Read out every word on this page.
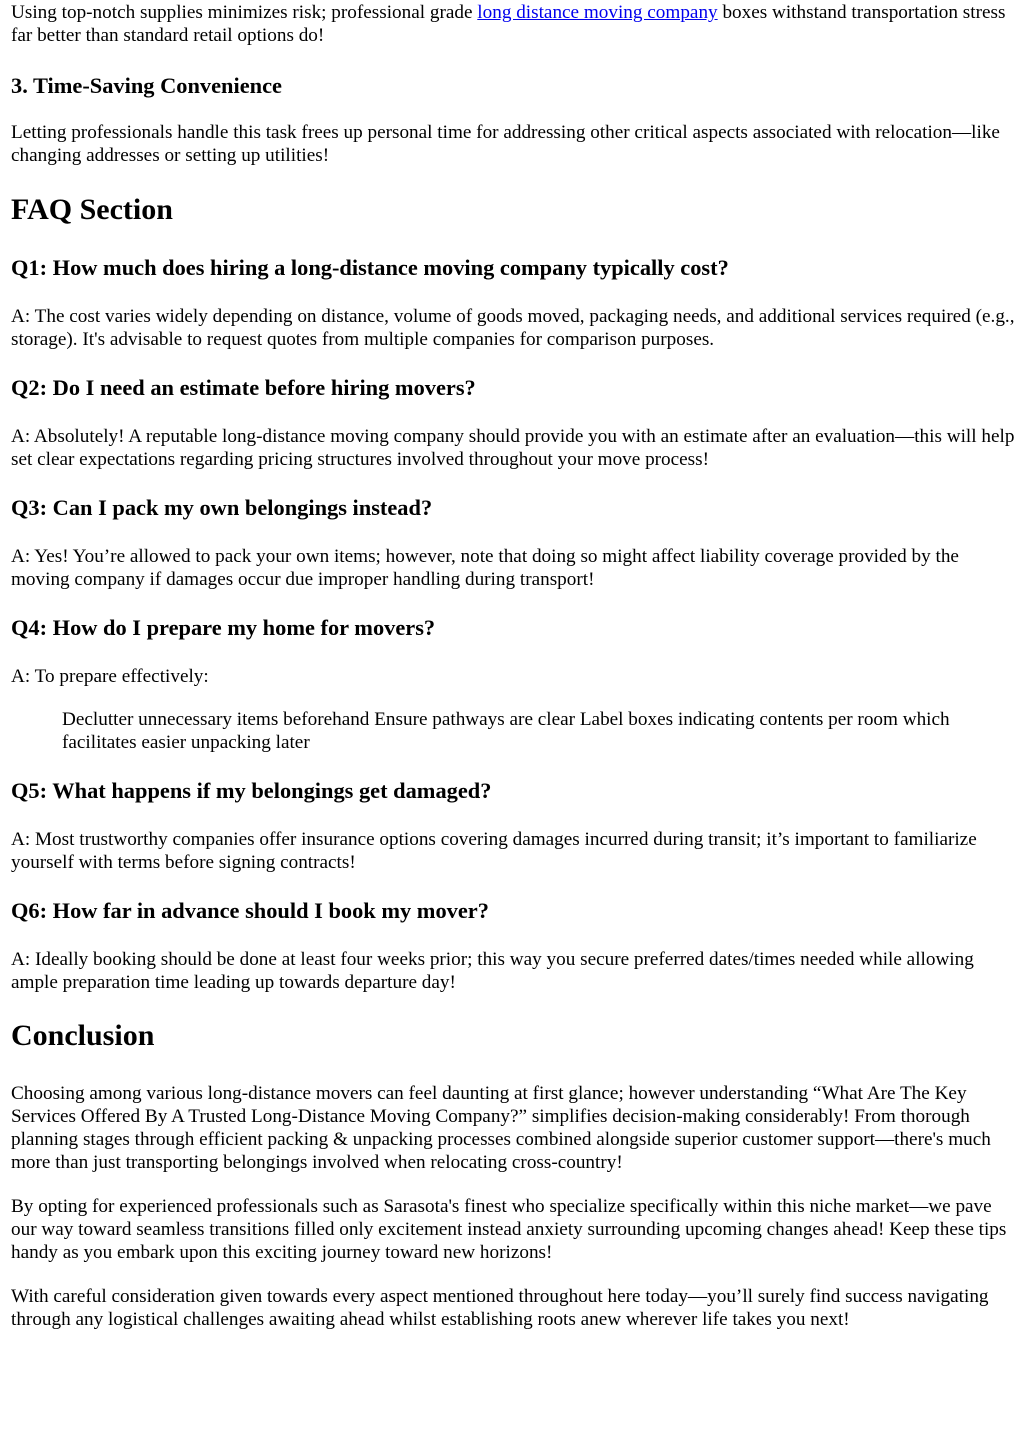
Using top-notch supplies minimizes risk; professional grade long distance moving company boxes withstand transportation stress far better than standard retail options do!

3. Time-Saving Convenience

Letting professionals handle this task frees up personal time for addressing other critical aspects associated with relocation—like changing addresses or setting up utilities!

FAQ Section
Q1: How much does hiring a long-distance moving company typically cost?

A: The cost varies widely depending on distance, volume of goods moved, packaging needs, and additional services required (e.g., storage). It's advisable to request quotes from multiple companies for comparison purposes.

Q2: Do I need an estimate before hiring movers?

A: Absolutely! A reputable long-distance moving company should provide you with an estimate after an evaluation—this will help set clear expectations regarding pricing structures involved throughout your move process!

Q3: Can I pack my own belongings instead?

A: Yes! You’re allowed to pack your own items; however, note that doing so might affect liability coverage provided by the moving company if damages occur due improper handling during transport!

Q4: How do I prepare my home for movers?

A: To prepare effectively:

Declutter unnecessary items beforehand Ensure pathways are clear Label boxes indicating contents per room which facilitates easier unpacking later
Q5: What happens if my belongings get damaged?

A: Most trustworthy companies offer insurance options covering damages incurred during transit; it’s important to familiarize yourself with terms before signing contracts!

Q6: How far in advance should I book my mover?

A: Ideally booking should be done at least four weeks prior; this way you secure preferred dates/times needed while allowing ample preparation time leading up towards departure day!

Conclusion

Choosing among various long-distance movers can feel daunting at first glance; however understanding “What Are The Key Services Offered By A Trusted Long-Distance Moving Company?” simplifies decision-making considerably! From thorough planning stages through efficient packing & unpacking processes combined alongside superior customer support—there's much more than just transporting belongings involved when relocating cross-country!

By opting for experienced professionals such as Sarasota's finest who specialize specifically within this niche market—we pave our way toward seamless transitions filled only excitement instead anxiety surrounding upcoming changes ahead! Keep these tips handy as you embark upon this exciting journey toward new horizons!

With careful consideration given towards every aspect mentioned throughout here today—you’ll surely find success navigating through any logistical challenges awaiting ahead whilst establishing roots anew wherever life takes you next!
